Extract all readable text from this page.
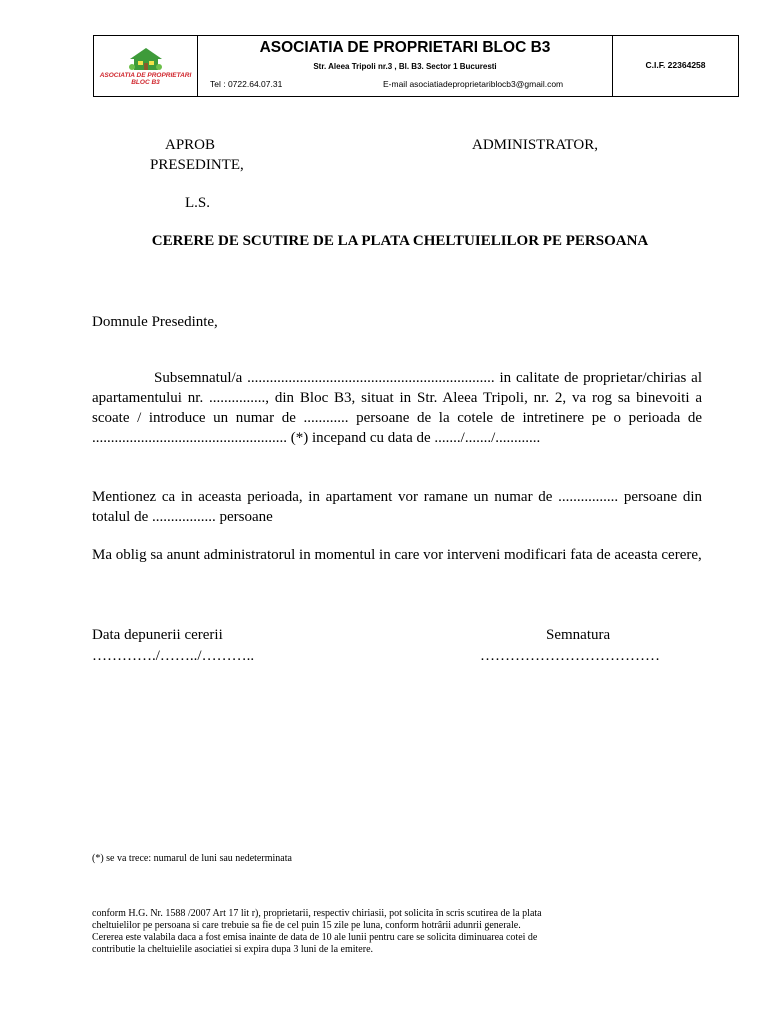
ASOCIATIA DE PROPRIETARI
BLOC B3
ASOCIATIA DE PROPRIETARI BLOC B3
Str. Aleea Tripoli nr.3 , Bl. B3. Sector 1 Bucuresti
Tel : 0722.64.07.31	E-mail asociatiadeproprietariblocb3@gmail.com
C.I.F. 22364258
APROB
PRESEDINTE,
ADMINISTRATOR,
L.S.
CERERE DE SCUTIRE DE LA PLATA CHELTUIELILOR PE PERSOANA
Domnule Presedinte,
Subsemnatul/a .................................................................. in calitate de proprietar/chirias al apartamentului nr. ..............., din Bloc B3, situat in Str. Aleea Tripoli, nr. 2, va rog sa binevoiti a scoate / introduce un numar de ............ persoane de la cotele de intretinere pe o perioada de .................................................... (*) incepand cu data de ......./......./............
Mentionez ca in aceasta perioada, in apartament vor ramane un numar de ................ persoane din totalul de ................. persoane
Ma oblig sa anunt administratorul in momentul in care vor interveni modificari fata de aceasta cerere,
Data depunerii cererii
…………./……../………..
Semnatura
………………………………
(*) se va trece: numarul de luni sau nedeterminata
conform H.G. Nr. 1588 /2007 Art 17 lit r), proprietarii, respectiv chiriasii, pot solicita în scris scutirea de la plata
cheltuielilor pe persoana si care trebuie sa fie de cel puin 15 zile pe luna, conform hotrârii adunrii generale.
Cererea este valabila daca a fost emisa inainte de data de 10 ale lunii pentru care se solicita diminuarea cotei de
contributie la cheltuielile asociatiei si expira dupa 3 luni de la emitere.
